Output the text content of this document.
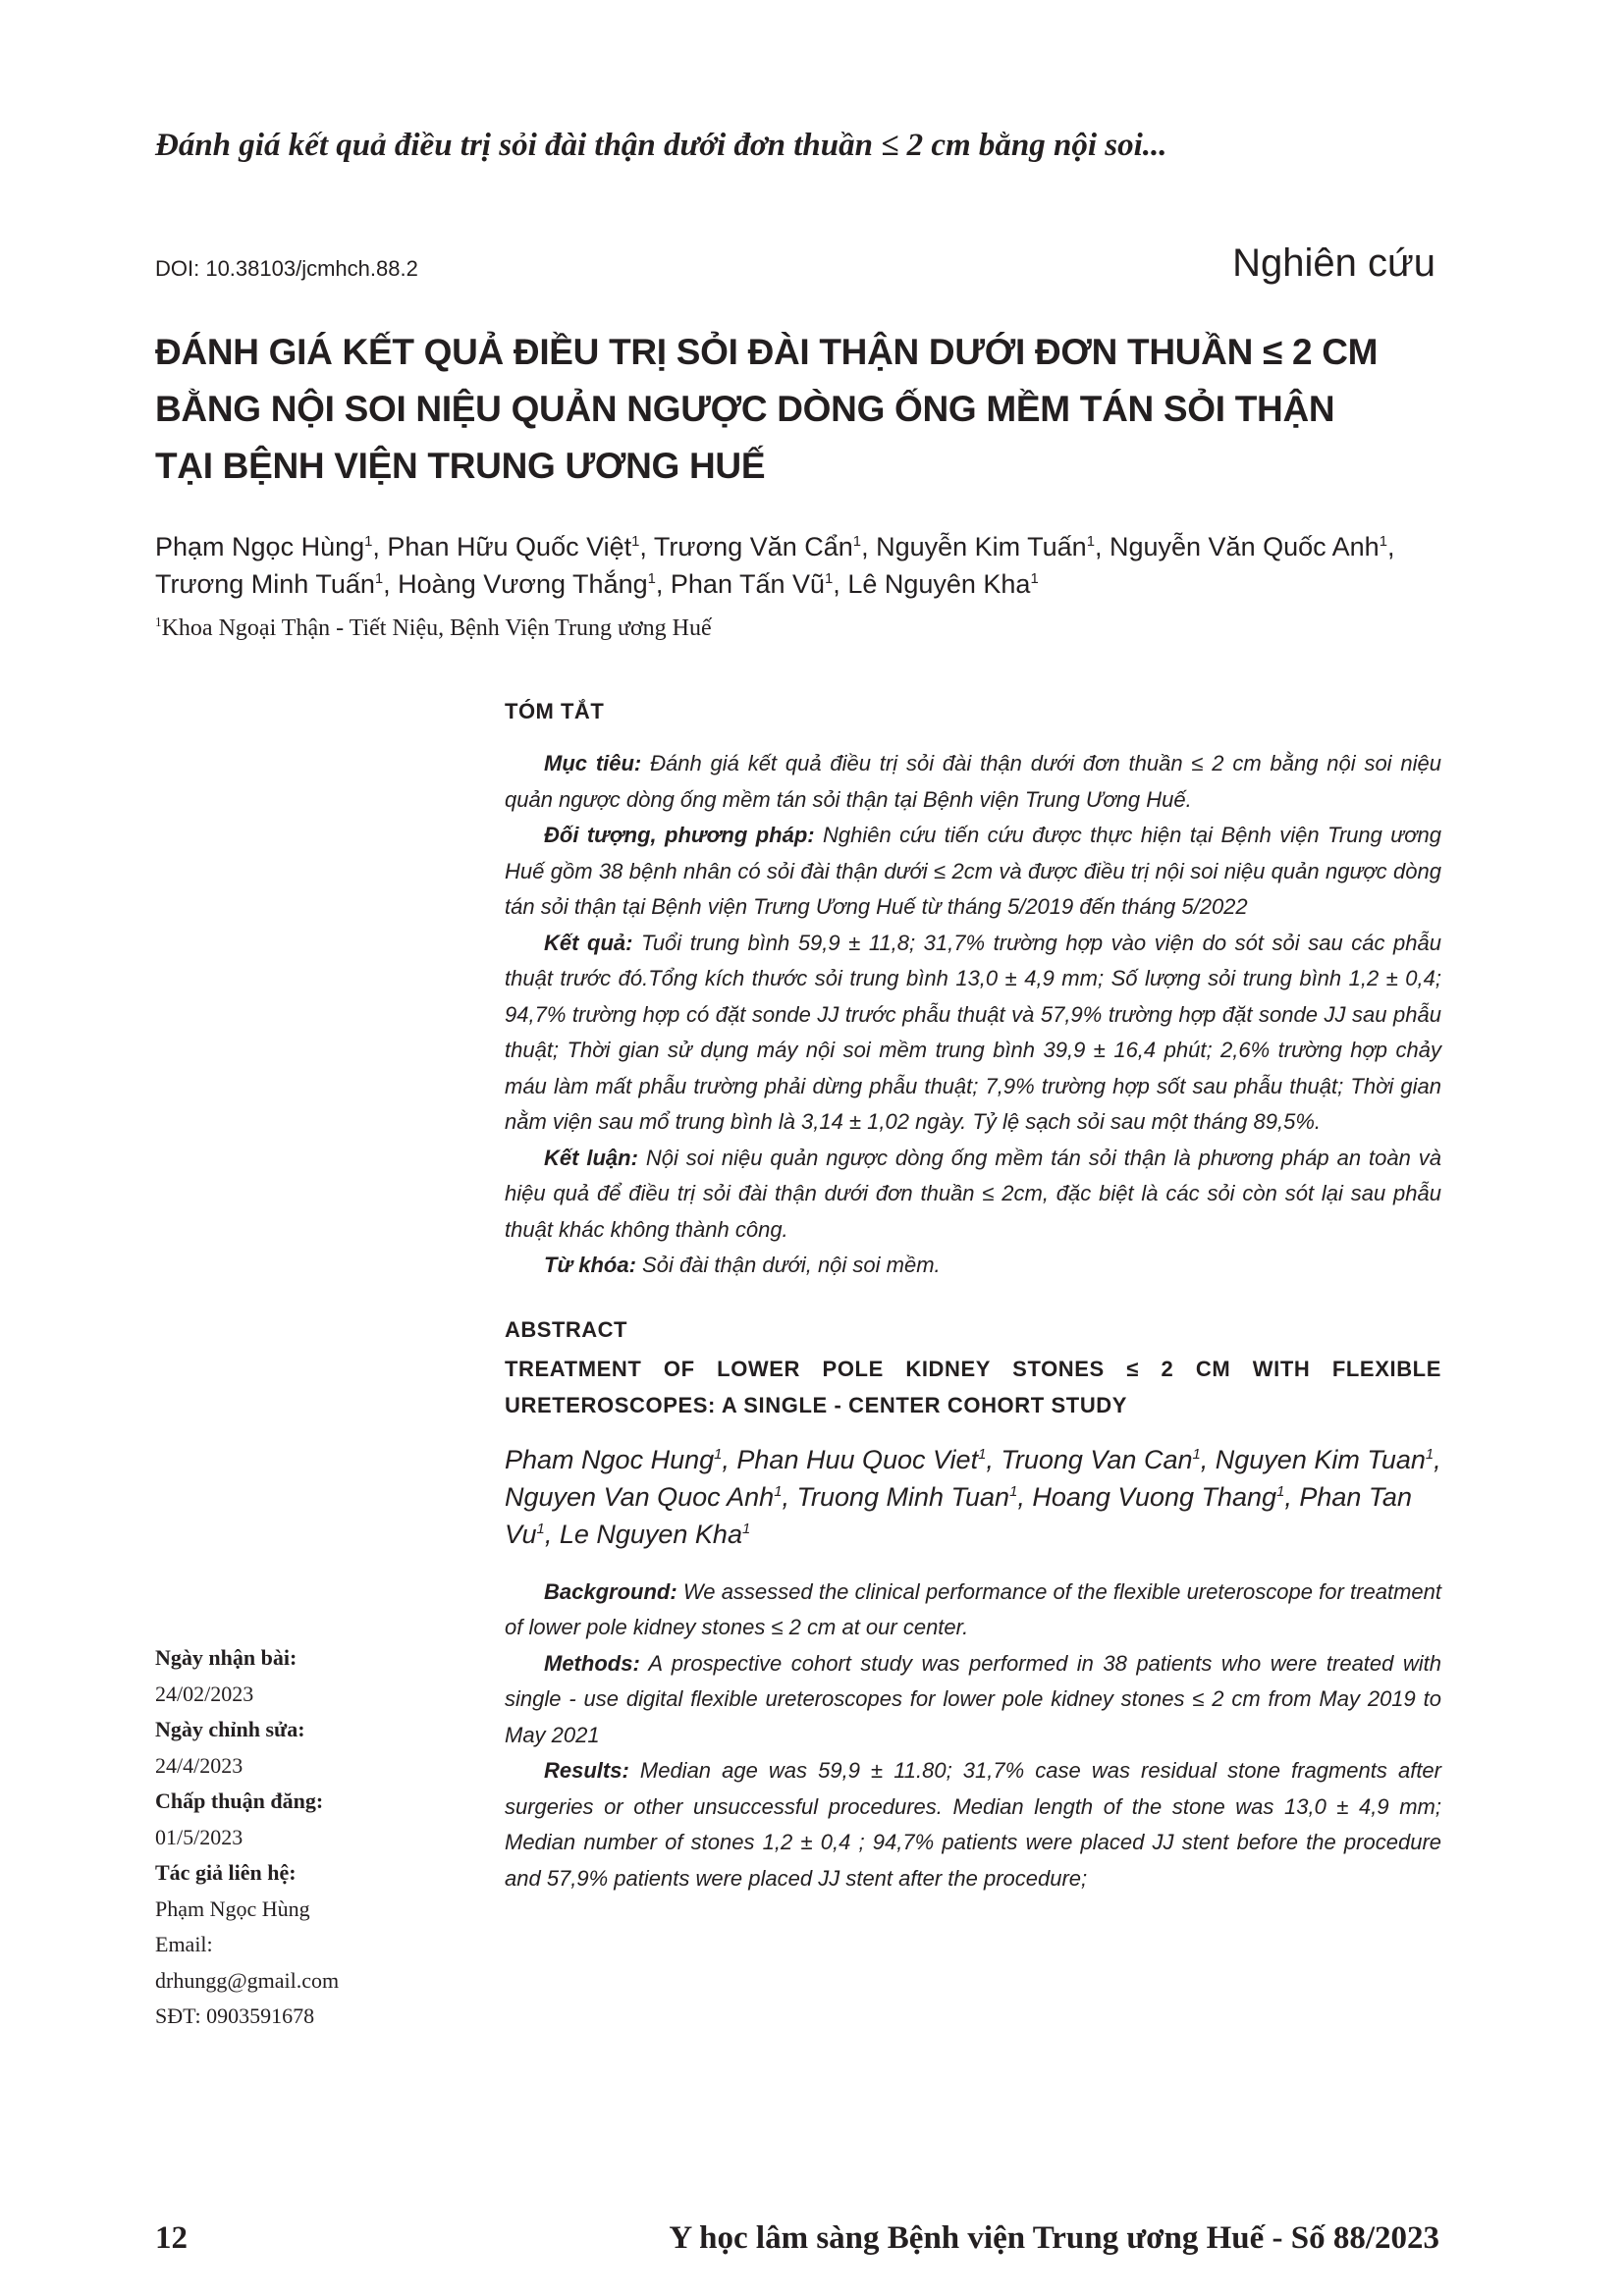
Đánh giá kết quả điều trị sỏi đài thận dưới đơn thuần ≤ 2 cm bằng nội soi...
DOI: 10.38103/jcmhch.88.2	Nghiên cứu
ĐÁNH GIÁ KẾT QUẢ ĐIỀU TRỊ SỎI ĐÀI THẬN DƯỚI ĐƠN THUẦN ≤ 2 CM
BẰNG NỘI SOI NIỆU QUẢN NGƯỢC DÒNG ỐNG MỀM TÁN SỎI THẬN
TẠI BỆNH VIỆN TRUNG ƯƠNG HUẾ
Phạm Ngọc Hùng$^1$, Phan Hữu Quốc Việt$^1$, Trương Văn Cẩn$^1$, Nguyễn Kim Tuấn$^1$, Nguyễn Văn Quốc Anh$^1$, Trương Minh Tuấn$^1$, Hoàng Vương Thắng$^1$, Phan Tấn $Vũ^1$, Lê Nguyên Kha$^1$
$^1$Khoa Ngoại Thận - Tiết Niệu, Bệnh Viện Trung ương Huế
TÓM TẮT

Mục tiêu: Đánh giá kết quả điều trị sỏi đài thận dưới đơn thuần ≤ 2 cm bằng nội soi niệu quản ngược dòng ống mềm tán sỏi thận tại Bệnh viện Trung Ương Huế.

Đối tượng, phương pháp: Nghiên cứu tiến cứu được thực hiện tại Bệnh viện Trung ương Huế gồm 38 bệnh nhân có sỏi đài thận dưới ≤ 2cm và được điều trị nội soi niệu quản ngược dòng tán sỏi thận tại Bệnh viện Trưng Ương Huế từ tháng 5/2019 đến tháng 5/2022

Kết quả: Tuổi trung bình 59,9 ± 11,8; 31,7% trường hợp vào viện do sót sỏi sau các phẫu thuật trước đó.Tổng kích thước sỏi trung bình 13,0 ± 4,9 mm; Số lượng sỏi trung bình 1,2 ± 0,4; 94,7% trường hợp có đặt sonde JJ trước phẫu thuật và 57,9% trường hợp đặt sonde JJ sau phẫu thuật; Thời gian sử dụng máy nội soi mềm trung bình 39,9 ± 16,4 phút; 2,6% trường hợp chảy máu làm mất phẫu trường phải dừng phẫu thuật; 7,9% trường hợp sốt sau phẫu thuật; Thời gian nằm viện sau mổ trung bình là 3,14 ± 1,02 ngày. Tỷ lệ sạch sỏi sau một tháng 89,5%.

Kết luận: Nội soi niệu quản ngược dòng ống mềm tán sỏi thận là phương pháp an toàn và hiệu quả để điều trị sỏi đài thận dưới đơn thuần ≤ 2cm, đặc biệt là các sỏi còn sót lại sau phẫu thuật khác không thành công.

Từ khóa: Sỏi đài thận dưới, nội soi mềm.

ABSTRACT
TREATMENT OF LOWER POLE KIDNEY STONES ≤ 2 CM WITH FLEXIBLE URETEROSCOPES: A SINGLE - CENTER COHORT STUDY
Pham Ngoc Hung$^1$, Phan Huu Quoc Viet$^1$, Truong Van Can$^1$, Nguyen Kim Tuan$^1$, Nguyen Van Quoc Anh$^1$, Truong Minh Tuan$^1$, Hoang Vuong Thang$^1$, Phan Tan Vu$^1$, Le Nguyen Kha$^1$

Background: We assessed the clinical performance of the flexible ureteroscope for treatment of lower pole kidney stones ≤ 2 cm at our center.

Methods: A prospective cohort study was performed in 38 patients who were treated with single - use digital flexible ureteroscopes for lower pole kidney stones ≤ 2 cm from May 2019 to May 2021

Results: Median age was 59,9 ± 11.80; 31,7% case was residual stone fragments after surgeries or other unsuccessful procedures. Median length of the stone was 13,0 ± 4,9 mm; Median number of stones 1,2 ± 0,4 ; 94,7% patients were placed JJ stent before the procedure and 57,9% patients were placed JJ stent after the procedure;

Ngày nhận bài:
24/02/2023
Ngày chỉnh sửa:
24/4/2023
Chấp thuận đăng:
01/5/2023
Tác giả liên hệ:
Phạm Ngọc Hùng
Email:
drhungg@gmail.com
SĐT: 0903591678
12	Y học lâm sàng Bệnh viện Trung ương Huế - Số 88/2023
